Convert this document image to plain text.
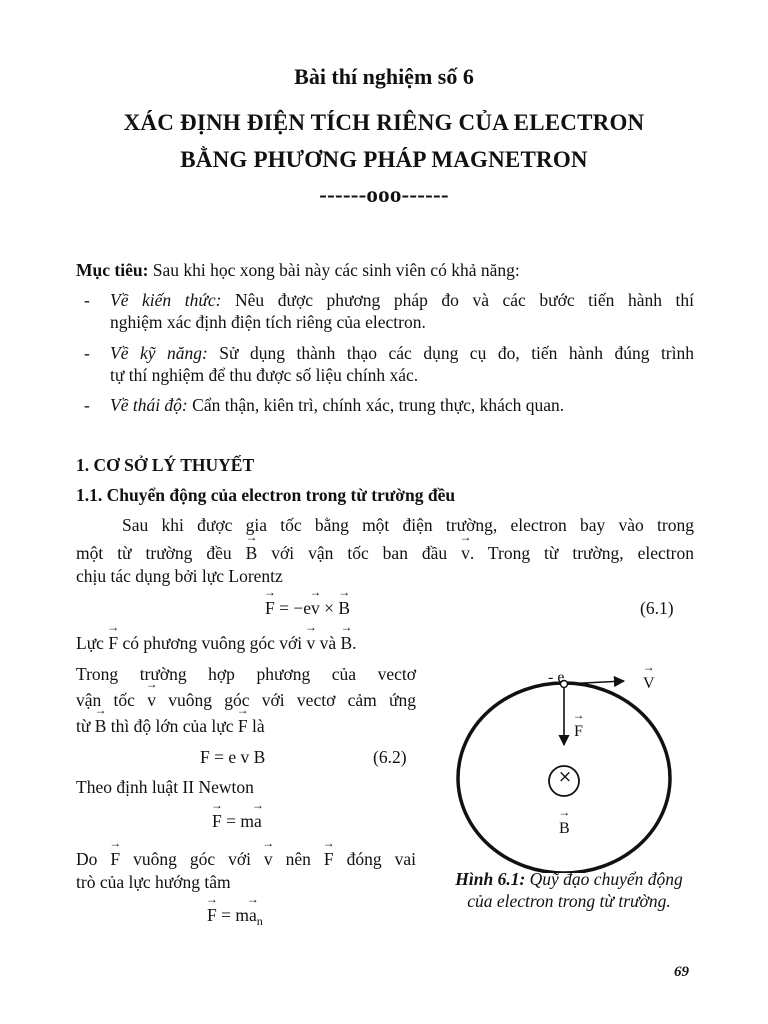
Bài thí nghiệm số 6
XÁC ĐỊNH ĐIỆN TÍCH RIÊNG CỦA ELECTRON
BẰNG PHƯƠNG PHÁP MAGNETRON
------ooo------
Mục tiêu: Sau khi học xong bài này các sinh viên có khả năng:
- Về kiến thức: Nêu được phương pháp đo và các bước tiến hành thí
nghiệm xác định điện tích riêng của electron.
- Về kỹ năng: Sử dụng thành thạo các dụng cụ đo, tiến hành đúng trình
tự thí nghiệm để thu được số liệu chính xác.
- Về thái độ: Cẩn thận, kiên trì, chính xác, trung thực, khách quan.
1. CƠ SỞ LÝ THUYẾT
1.1. Chuyển động của electron trong từ trường đều
Sau khi được gia tốc bằng một điện trường, electron bay vào trong
một từ trường đều → B với vận tốc ban đầu → v. Trong từ trường, electron
chịu tác dụng bởi lực Lorentz
→ F = −e→ v × → B	(6.1)
Lực → F có phương vuông góc với → v và → B.
Trong trường hợp phương của vectơ
vận tốc → v vuông góc với vectơ cảm ứng
từ → B thì độ lớn của lực → F là
F = e v B	(6.2)
Theo định luật II Newton
→ F = m→ a
Do → F vuông góc với → v nên → F đóng vai
trò của lực hướng tâm
→ $F = m\to a_n$
- e
→	V
→ F
×
→ B
Hình 6.1: Quỹ đạo chuyển động
của electron trong từ trường.
69
